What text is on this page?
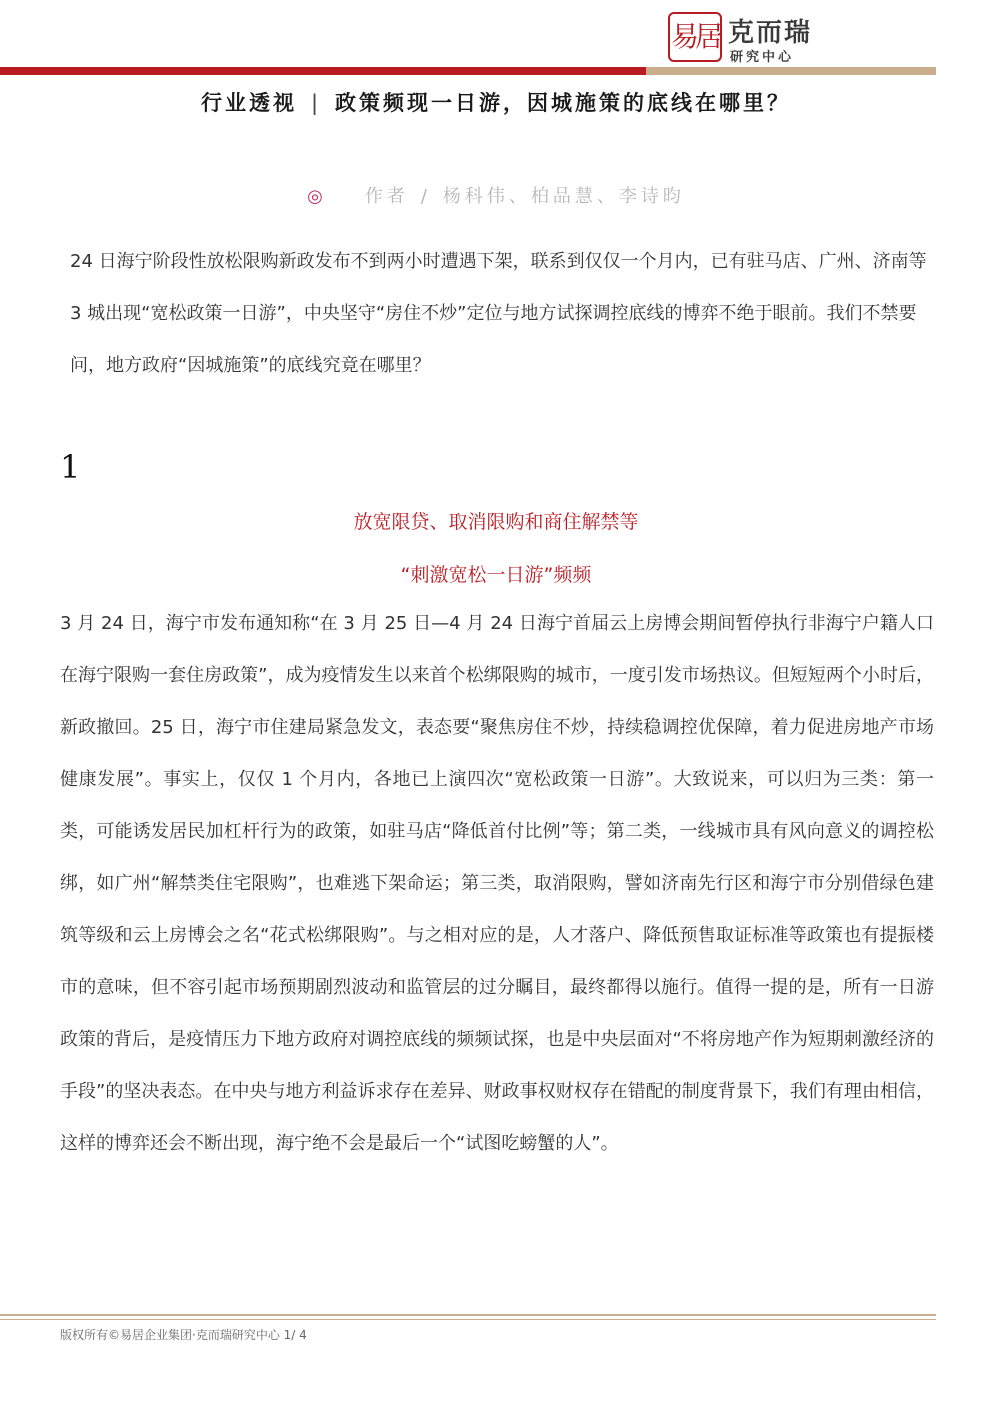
易居 克而瑞
研究中心
行业透视 | 政策频现一日游，因城施策的底线在哪里？
◎ 作者 / 杨科伟、柏品慧、李诗昀

24 日海宁阶段性放松限购新政发布不到两小时遭遇下架，联系到仅仅一个月内，已有驻马店、广州、济南等 3 城出现“宽松政策一日游”，中央坚守“房住不炒”定位与地方试探调控底线的博弈不绝于眼前。我们不禁要问，地方政府“因城施策”的底线究竟在哪里？

1
放宽限贷、取消限购和商住解禁等
“刺激宽松一日游”频频

3 月 24 日，海宁市发布通知称“在 3 月 25 日—4 月 24 日海宁首届云上房博会期间暂停执行非海宁户籍人口在海宁限购一套住房政策”，成为疫情发生以来首个松绑限购的城市，一度引发市场热议。但短短两个小时后，新政撤回。25 日，海宁市住建局紧急发文，表态要“聚焦房住不炒，持续稳调控优保障，着力促进房地产市场健康发展”。事实上，仅仅 1 个月内，各地已上演四次“宽松政策一日游”。大致说来，可以归为三类：第一类，可能诱发居民加杠杆行为的政策，如驻马店“降低首付比例”等；第二类，一线城市具有风向意义的调控松绑，如广州“解禁类住宅限购”，也难逃下架命运；第三类，取消限购，譬如济南先行区和海宁市分别借绿色建筑等级和云上房博会之名“花式松绑限购”。与之相对应的是，人才落户、降低预售取证标准等政策也有提振楼市的意味，但不容引起市场预期剧烈波动和监管层的过分瞩目，最终都得以施行。值得一提的是，所有一日游政策的背后，是疫情压力下地方政府对调控底线的频频试探，也是中央层面对“不将房地产作为短期刺激经济的手段”的坚决表态。在中央与地方利益诉求存在差异、财政事权财权存在错配的制度背景下，我们有理由相信，这样的博弈还会不断出现，海宁绝不会是最后一个“试图吃螃蟹的人”。

版权所有©易居企业集团·克而瑞研究中心 1/ 4
